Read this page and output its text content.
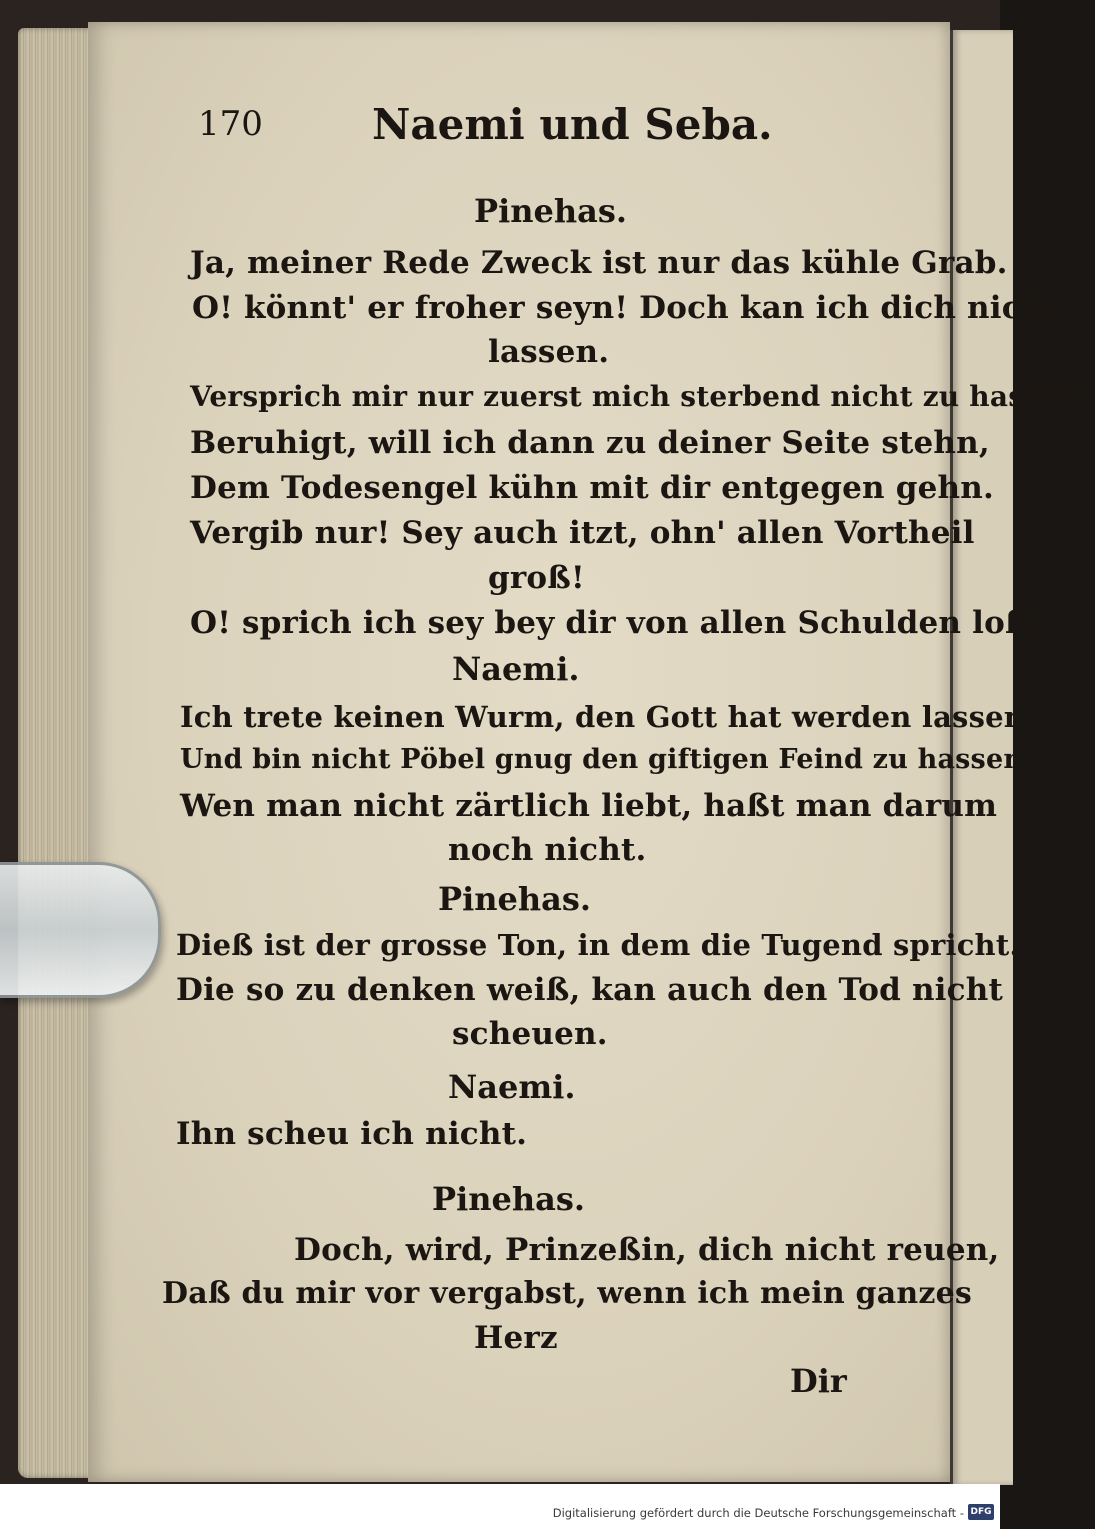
170	Naemi und Seba.
Pinehas.
Ja, meiner Rede Zweck ist nur das kühle Grab.
O! könnt' er froher seyn! Doch kan ich dich nicht
lassen.
Versprich mir nur zuerst mich sterbend nicht zu hassen?
Beruhigt, will ich dann zu deiner Seite stehn,
Dem Todesengel kühn mit dir entgegen gehn.
Vergib nur! Sey auch itzt, ohn' allen Vortheil
groß!
O! sprich ich sey bey dir von allen Schulden loß!
Naemi.
Ich trete keinen Wurm, den Gott hat werden lassen
Und bin nicht Pöbel gnug den giftigen Feind zu hassen.
Wen man nicht zärtlich liebt, haßt man darum
noch nicht.
Pinehas.
Dieß ist der grosse Ton, in dem die Tugend spricht.
Die so zu denken weiß, kan auch den Tod nicht
scheuen.
Naemi.
Ihn scheu ich nicht.
Pinehas.
Doch, wird, Prinzeßin, dich nicht reuen,
Daß du mir vor vergabst, wenn ich mein ganzes
Herz
Dir
Digitalisierung gefördert durch die Deutsche Forschungsgemeinschaft - DFG
